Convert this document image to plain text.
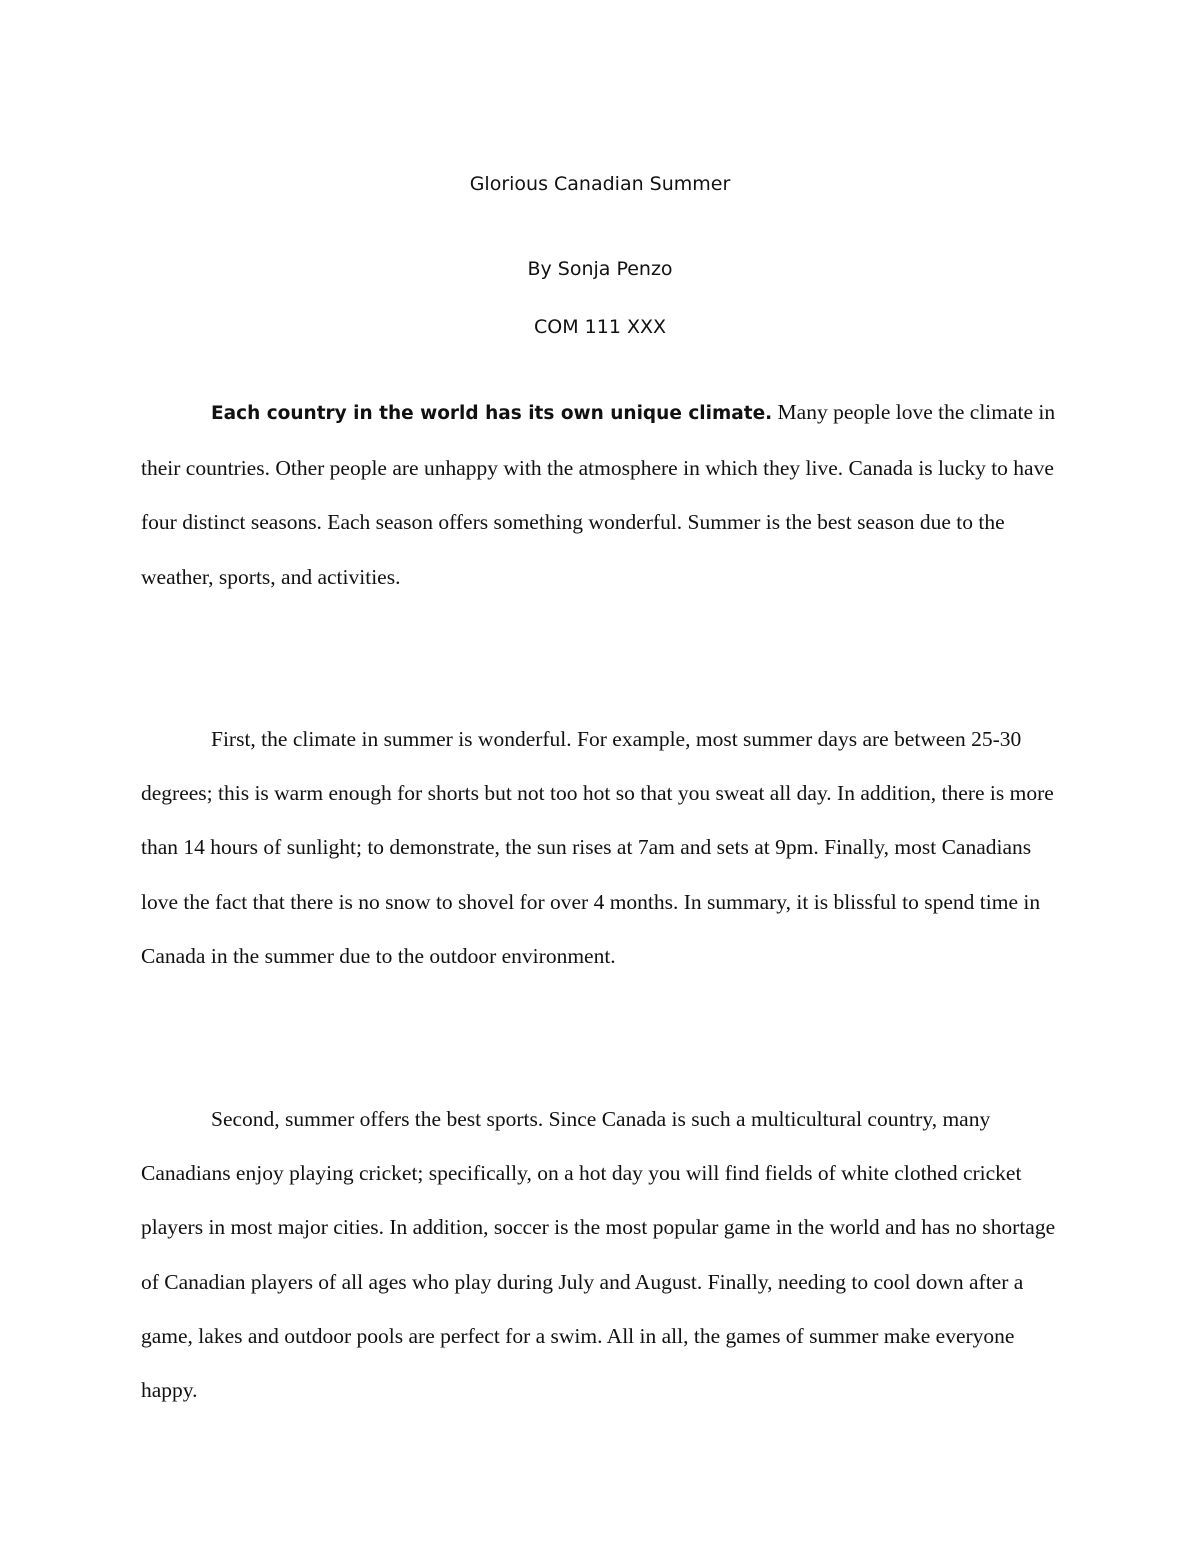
Glorious Canadian Summer

By Sonja Penzo

COM 111 XXX

Each country in the world has its own unique climate. Many people love the climate in their countries. Other people are unhappy with the atmosphere in which they live. Canada is lucky to have four distinct seasons. Each season offers something wonderful. Summer is the best season due to the weather, sports, and activities.

First, the climate in summer is wonderful. For example, most summer days are between 25-30 degrees; this is warm enough for shorts but not too hot so that you sweat all day. In addition, there is more than 14 hours of sunlight; to demonstrate, the sun rises at 7am and sets at 9pm. Finally, most Canadians love the fact that there is no snow to shovel for over 4 months. In summary, it is blissful to spend time in Canada in the summer due to the outdoor environment.

Second, summer offers the best sports. Since Canada is such a multicultural country, many Canadians enjoy playing cricket; specifically, on a hot day you will find fields of white clothed cricket players in most major cities. In addition, soccer is the most popular game in the world and has no shortage of Canadian players of all ages who play during July and August. Finally, needing to cool down after a game, lakes and outdoor pools are perfect for a swim. All in all, the games of summer make everyone happy.
